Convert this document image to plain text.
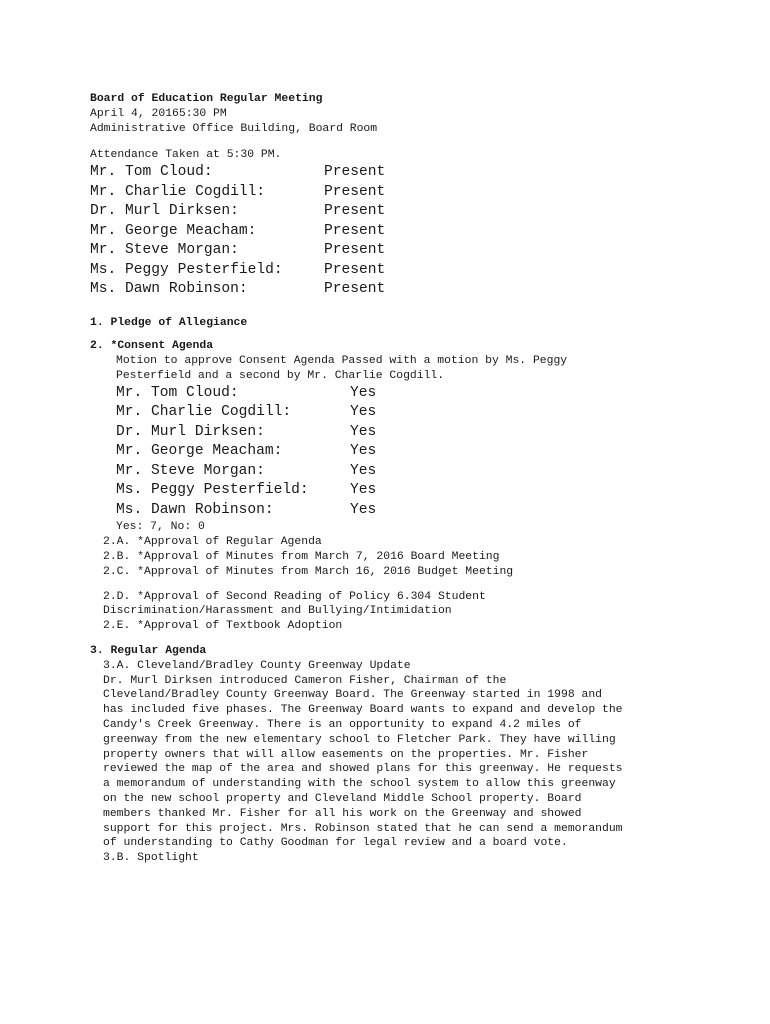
Board of Education Regular Meeting
April 4, 20165:30 PM
Administrative Office Building, Board Room
Attendance Taken at 5:30 PM.
Mr. Tom Cloud:	Present
Mr. Charlie Cogdill:	Present
Dr. Murl Dirksen:	Present
Mr. George Meacham:	Present
Mr. Steve Morgan:	Present
Ms. Peggy Pesterfield:	Present
Ms. Dawn Robinson:	Present
1. Pledge of Allegiance
2. *Consent Agenda
Motion to approve Consent Agenda Passed with a motion by Ms. Peggy
Pesterfield and a second by Mr. Charlie Cogdill.
Mr. Tom Cloud:	Yes
Mr. Charlie Cogdill:	Yes
Dr. Murl Dirksen:	Yes
Mr. George Meacham:	Yes
Mr. Steve Morgan:	Yes
Ms. Peggy Pesterfield:	Yes
Ms. Dawn Robinson:	Yes
Yes: 7, No: 0
2.A. *Approval of Regular Agenda
2.B. *Approval of Minutes from March 7, 2016 Board Meeting
2.C. *Approval of Minutes from March 16, 2016 Budget Meeting
2.D. *Approval of Second Reading of Policy 6.304 Student
Discrimination/Harassment and Bullying/Intimidation
2.E. *Approval of Textbook Adoption
3. Regular Agenda
3.A. Cleveland/Bradley County Greenway Update
Dr. Murl Dirksen introduced Cameron Fisher, Chairman of the
Cleveland/Bradley County Greenway Board. The Greenway started in 1998 and
has included five phases. The Greenway Board wants to expand and develop the
Candy's Creek Greenway. There is an opportunity to expand 4.2 miles of
greenway from the new elementary school to Fletcher Park. They have willing
property owners that will allow easements on the properties. Mr. Fisher
reviewed the map of the area and showed plans for this greenway. He requests
a memorandum of understanding with the school system to allow this greenway
on the new school property and Cleveland Middle School property. Board
members thanked Mr. Fisher for all his work on the Greenway and showed
support for this project. Mrs. Robinson stated that he can send a memorandum
of understanding to Cathy Goodman for legal review and a board vote.
3.B. Spotlight
